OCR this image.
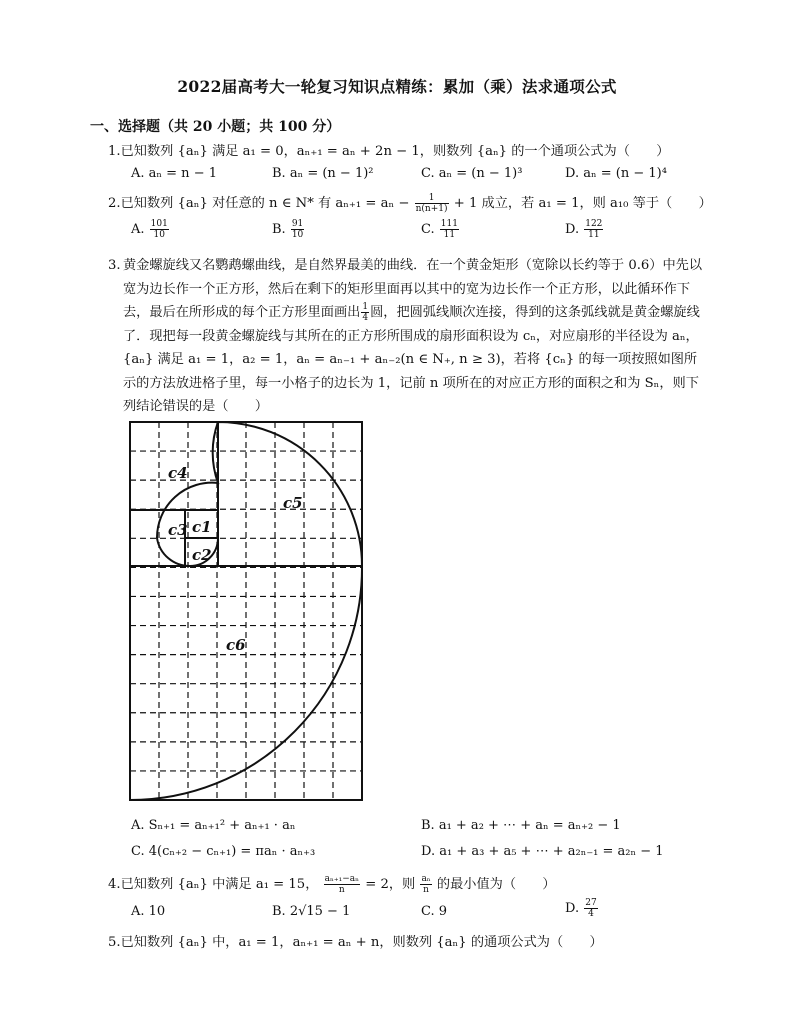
2022届高考大一轮复习知识点精练：累加（乘）法求通项公式
一、选择题（共 20 小题；共 100 分）
1.已知数列 {aₙ} 满足 a₁ = 0，aₙ₊₁ = aₙ + 2n − 1，则数列 {aₙ} 的一个通项公式为（　　）
A. aₙ = n − 1	B. aₙ = (n − 1)²	C. aₙ = (n − 1)³	D. aₙ = (n − 1)⁴
2.已知数列 {aₙ} 对任意的 n ∈ N* 有 $a_{n+1} = a_n - \frac{1}{n(n+1)} + 1$ 成立，若 a₁ = 1，则 a₁₀ 等于（　　）
A. $\frac{101}{10}$	B. $\frac{91}{10}$	C. $\frac{111}{11}$	D. $\frac{122}{11}$
3. 黄金螺旋线又名鹦鹉螺曲线，是自然界最美的曲线．在一个黄金矩形（宽除以长约等于 0.6）中先以宽为边长作一个正方形，然后在剩下的矩形里面再以其中的宽为边长作一个正方形，以此循环作下去，最后在所形成的每个正方形里面画出 $\frac{1}{4}$ 圆，把圆弧线顺次连接，得到的这条弧线就是黄金螺旋线了．现把每一段黄金螺旋线与其所在的正方形所围成的扇形面积设为 cₙ，对应扇形的半径设为 aₙ，{aₙ} 满足 a₁ = 1，a₂ = 1，aₙ = aₙ₋₁ + aₙ₋₂(n ∈ N₊, n ≥ 3)，若将 {cₙ} 的每一项按照如图所示的方法放进格子里，每一小格子的边长为 1，记前 n 项所在的对应正方形的面积之和为 Sₙ，则下列结论错误的是（　　）
c4
c3 c1
c2
c5
c6
A. Sₙ₊₁ = aₙ₊₁² + aₙ₊₁ · aₙ	B. a₁ + a₂ + ⋯ + aₙ = aₙ₊₂ − 1
C. 4(cₙ₊₂ − cₙ₊₁) = πaₙ · aₙ₊₃	D. a₁ + a₃ + a₅ + ⋯ + a₂ₙ₋₁ = a₂ₙ − 1
4.已知数列 {aₙ} 中满足 a₁ = 15， $\frac{\text{aₙ₊₁−aₙ}}{n} = 2$，则 $\frac{\text{aₙ}}{n}$ 的最小值为（　　）
A. 10	B. 2√15 − 1	C. 9	D. $\frac{27}{4}$
5.已知数列 {aₙ} 中，a₁ = 1，aₙ₊₁ = aₙ + n，则数列 {aₙ} 的通项公式为（　　）
